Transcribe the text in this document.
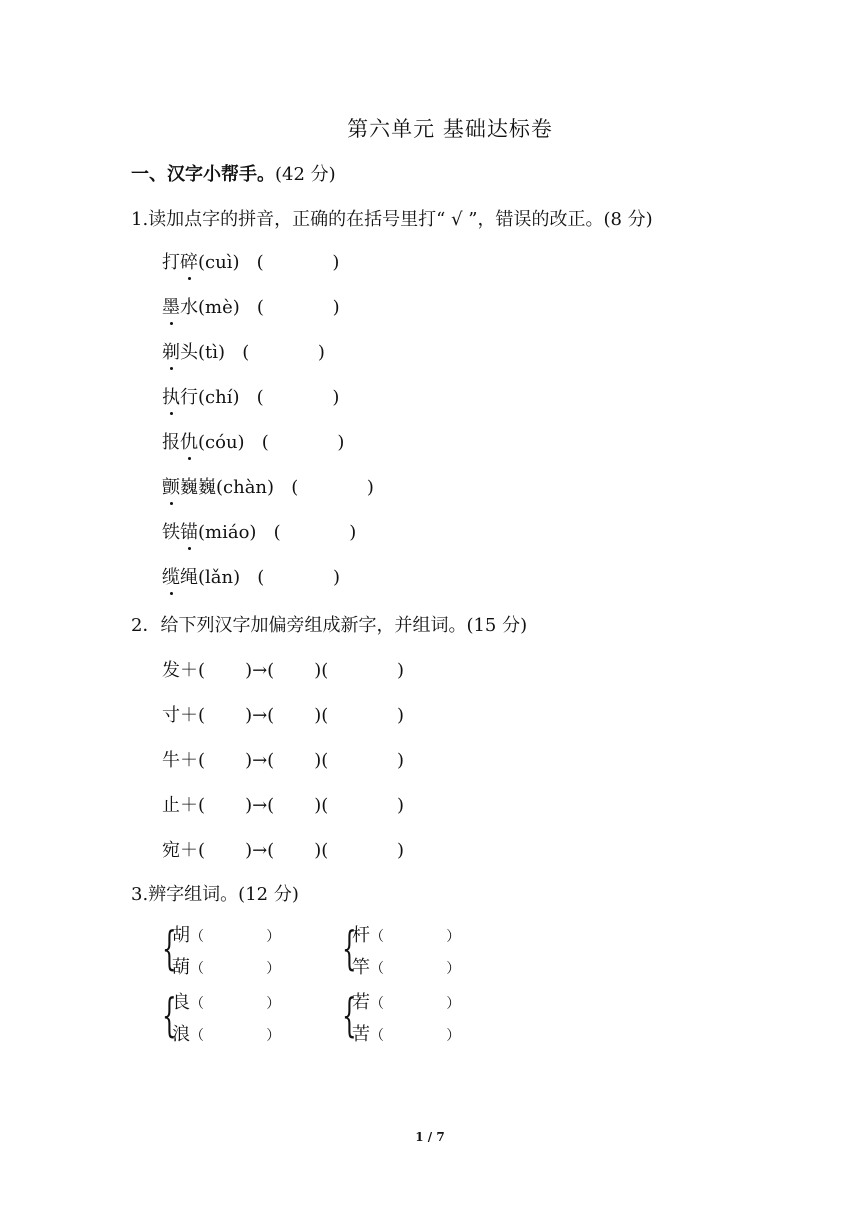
第六单元 基础达标卷
一、汉字小帮手。(42 分)
1.读加点字的拼音，正确的在括号里打“ √ ”，错误的改正。(8 分)
打碎(cuì)   (            )
墨水(mè)   (            )
剃头(tì)   (            )
执行(chí)   (            )
报仇(cóu)   (            )
颤巍巍(chàn)   (            )
铁锚(miáo)   (            )
缆绳(lǎn)   (            )
2．给下列汉字加偏旁组成新字，并组词。(15 分)
发＋(       )→(       )(            )
寸＋(       )→(       )(            )
牛＋(       )→(       )(            )
止＋(       )→(       )(            )
宛＋(       )→(       )(            )
3.辨字组词。(12 分)
{
胡（              ）
葫（              ） {
杆（              ）
竿（              ）
{
良（              ）
浪（              ） {
若（              ）
苦（              ）
1 / 7
